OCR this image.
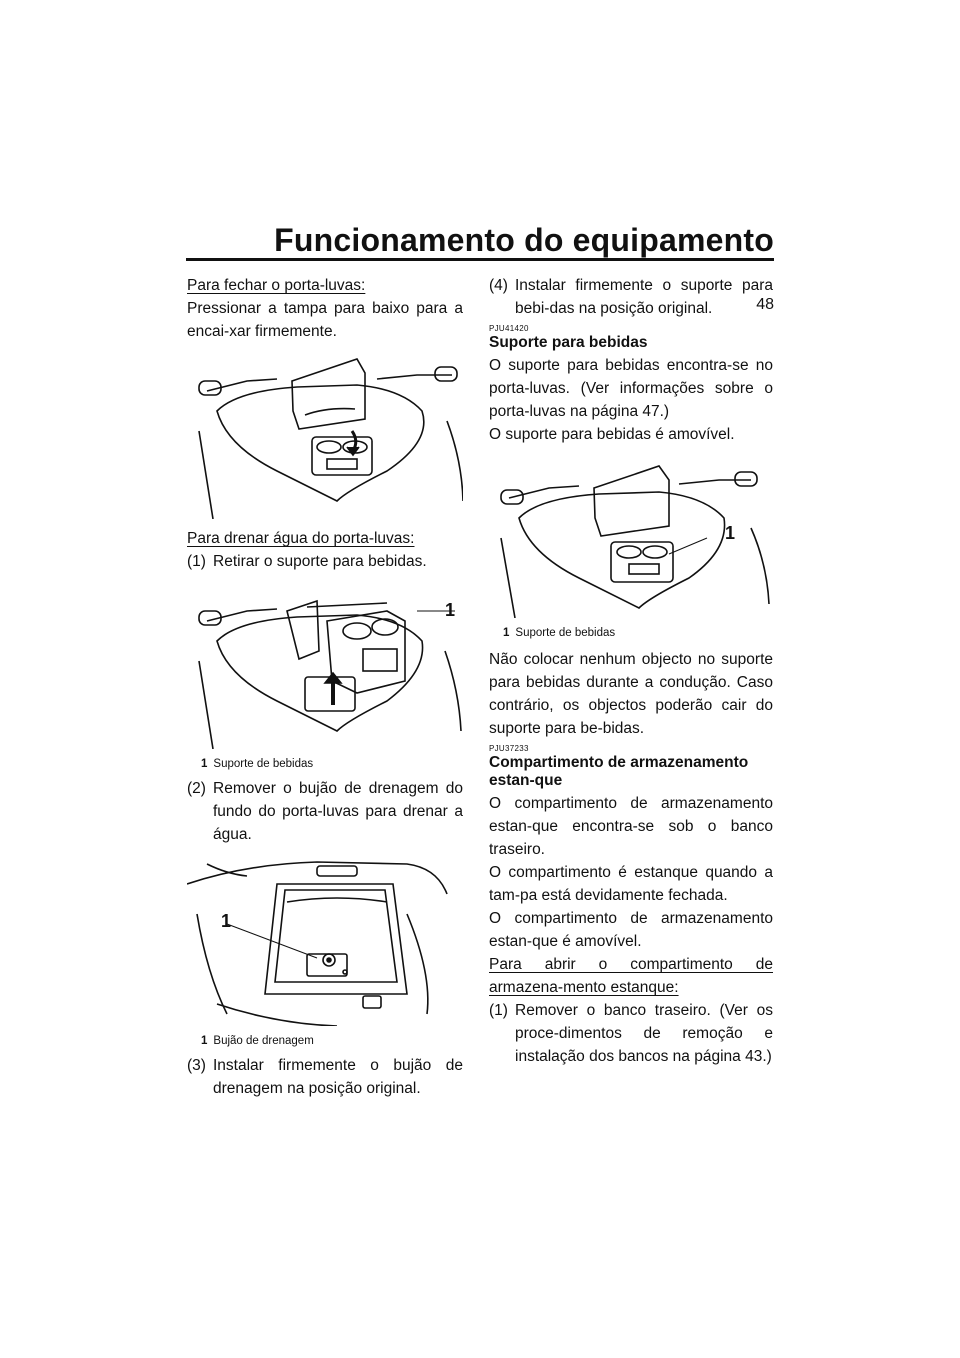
Funcionamento do equipamento
48

Para fechar o porta-luvas:

Pressionar a tampa para baixo para a encai-xar firmemente.

Para drenar água do porta-luvas:

(1) Retirar o suporte para bebidas.
1
1 Suporte de bebidas
(2) Remover o bujão de drenagem do fundo do porta-luvas para drenar a água.
1
1 Bujão de drenagem
(3) Instalar firmemente o bujão de drenagem na posição original.
(4) Instalar firmemente o suporte para bebi-das na posição original.
PJU41420
Suporte para bebidas

O suporte para bebidas encontra-se no porta-luvas. (Ver informações sobre o porta-luvas na página 47.)

O suporte para bebidas é amovível.

1
1 Suporte de bebidas

Não colocar nenhum objecto no suporte para bebidas durante a condução. Caso contrário, os objectos poderão cair do suporte para be-bidas.

PJU37233
Compartimento de armazenamento estan-que

O compartimento de armazenamento estan-que encontra-se sob o banco traseiro.

O compartimento é estanque quando a tam-pa está devidamente fechada.

O compartimento de armazenamento estan-que é amovível.

Para abrir o compartimento de armazena-mento estanque:

(1) Remover o banco traseiro. (Ver os proce-dimentos de remoção e instalação dos bancos na página 43.)
